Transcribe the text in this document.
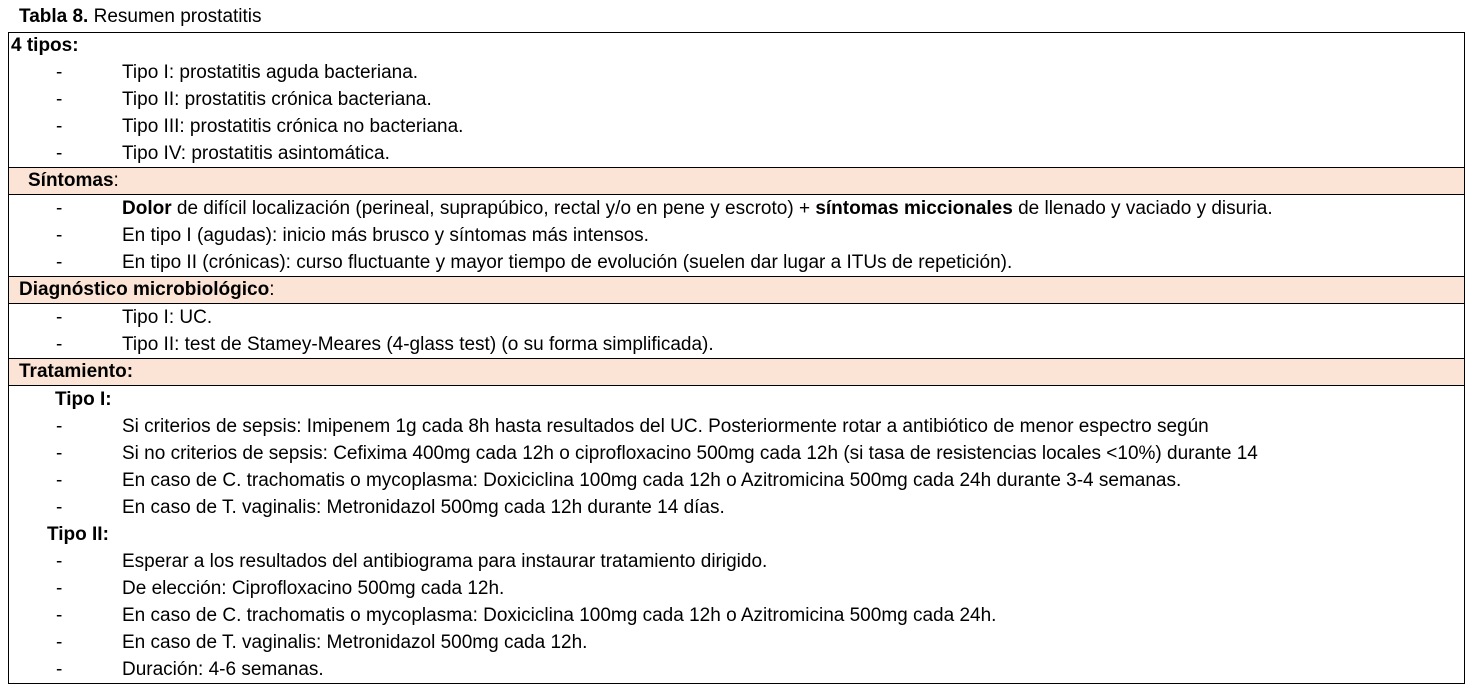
Tabla 8. Resumen prostatitis
4 tipos:
-	Tipo I: prostatitis aguda bacteriana.
-	Tipo II: prostatitis crónica bacteriana.
-	Tipo III: prostatitis crónica no bacteriana.
-	Tipo IV: prostatitis asintomática.
Síntomas:
-	Dolor de difícil localización (perineal, suprapúbico, rectal y/o en pene y escroto) + síntomas miccionales de llenado y vaciado y disuria.
-	En tipo I (agudas): inicio más brusco y síntomas más intensos.
-	En tipo II (crónicas): curso fluctuante y mayor tiempo de evolución (suelen dar lugar a ITUs de repetición).
Diagnóstico microbiológico:
-	Tipo I: UC.
-	Tipo II: test de Stamey-Meares (4-glass test) (o su forma simplificada).
Tratamiento:
Tipo I:
-	Si criterios de sepsis: Imipenem 1g cada 8h hasta resultados del UC. Posteriormente rotar a antibiótico de menor espectro según
-	Si no criterios de sepsis: Cefixima 400mg cada 12h o ciprofloxacino 500mg cada 12h (si tasa de resistencias locales <10%) durante 14
-	En caso de C. trachomatis o mycoplasma: Doxiciclina 100mg cada 12h o Azitromicina 500mg cada 24h durante 3-4 semanas.
-	En caso de T. vaginalis: Metronidazol 500mg cada 12h durante 14 días.
Tipo II:
-	Esperar a los resultados del antibiograma para instaurar tratamiento dirigido.
-	De elección: Ciprofloxacino 500mg cada 12h.
-	En caso de C. trachomatis o mycoplasma: Doxiciclina 100mg cada 12h o Azitromicina 500mg cada 24h.
-	En caso de T. vaginalis: Metronidazol 500mg cada 12h.
-	Duración: 4-6 semanas.
